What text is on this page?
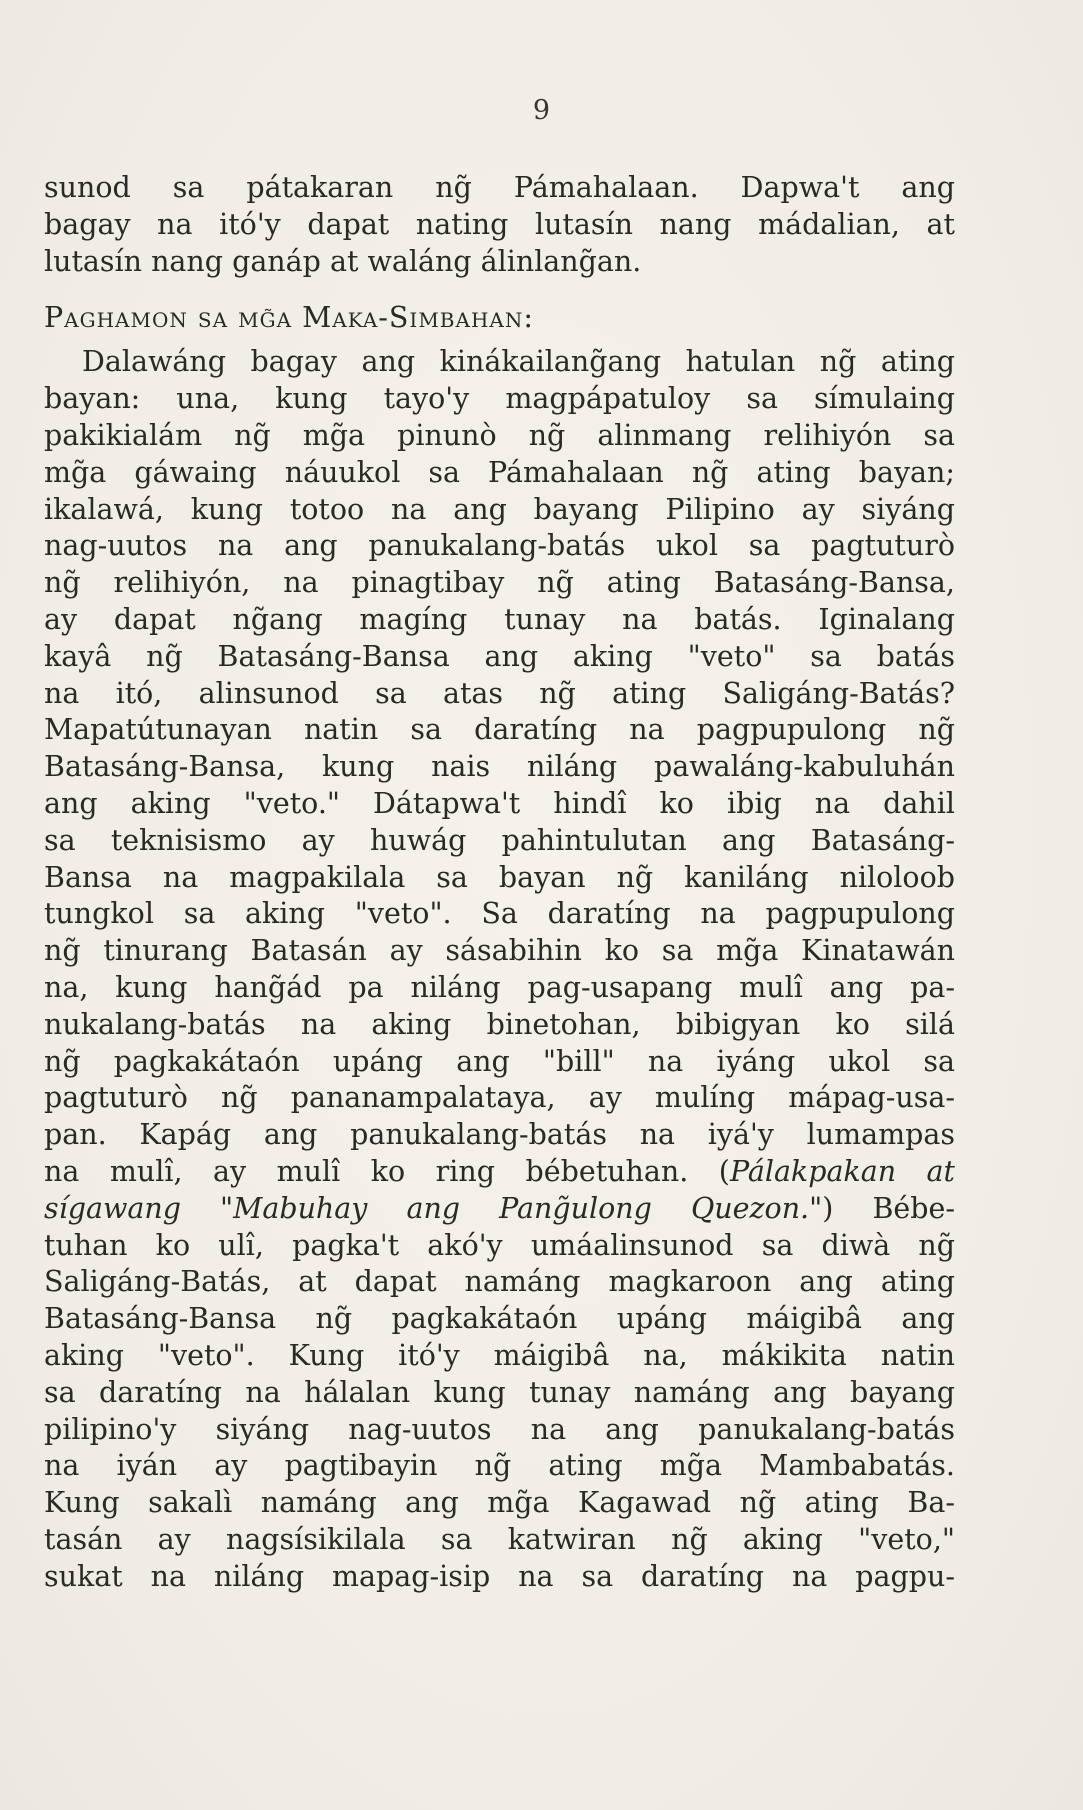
9
sunod sa pátakaran ng̃ Pámahalaan. Dapwa't ang
bagay na itó'y dapat nating lutasín nang mádalian, at
lutasín nang ganáp at waláng álinlang̃an.
Paghamon sa mg̃a Maka-Simbahan:
Dalawáng bagay ang kinákailang̃ang hatulan ng̃ ating
bayan: una, kung tayo'y magpápatuloy sa símulaing
pakikialám ng̃ mg̃a pinunò ng̃ alinmang relihiyón sa
mg̃a gáwaing náuukol sa Pámahalaan ng̃ ating bayan;
ikalawá, kung totoo na ang bayang Pilipino ay siyáng
nag-uutos na ang panukalang-batás ukol sa pagtuturò
ng̃ relihiyón, na pinagtibay ng̃ ating Batasáng-Bansa,
ay dapat ng̃ang magíng tunay na batás. Iginalang
kayâ ng̃ Batasáng-Bansa ang aking "veto" sa batás
na itó, alinsunod sa atas ng̃ ating Saligáng-Batás?
Mapatútunayan natin sa daratíng na pagpupulong ng̃
Batasáng-Bansa, kung nais niláng pawaláng-kabuluhán
ang aking "veto." Dátapwa't hindî ko ibig na dahil
sa teknisismo ay huwág pahintulutan ang Batasáng-
Bansa na magpakilala sa bayan ng̃ kaniláng niloloob
tungkol sa aking "veto". Sa daratíng na pagpupulong
ng̃ tinurang Batasán ay sásabihin ko sa mg̃a Kinatawán
na, kung hang̃ád pa niláng pag-usapang mulî ang pa-
nukalang-batás na aking binetohan, bibigyan ko silá
ng̃ pagkakátaón upáng ang "bill" na iyáng ukol sa
pagtuturò ng̃ pananampalataya, ay mulíng mápag-usa-
pan. Kapág ang panukalang-batás na iyá'y lumampas
na mulî, ay mulî ko ring bébetuhan. (Pálakpakan at
sígawang "Mabuhay ang Pang̃ulong Quezon.") Bébe-
tuhan ko ulî, pagka't akó'y umáalinsunod sa diwà ng̃
Saligáng-Batás, at dapat namáng magkaroon ang ating
Batasáng-Bansa ng̃ pagkakátaón upáng máigibâ ang
aking "veto". Kung itó'y máigibâ na, mákikita natin
sa daratíng na hálalan kung tunay namáng ang bayang
pilipino'y siyáng nag-uutos na ang panukalang-batás
na iyán ay pagtibayin ng̃ ating mg̃a Mambabatás.
Kung sakalì namáng ang mg̃a Kagawad ng̃ ating Ba-
tasán ay nagsísikilala sa katwiran ng̃ aking "veto,"
sukat na niláng mapag-isip na sa daratíng na pagpu-
